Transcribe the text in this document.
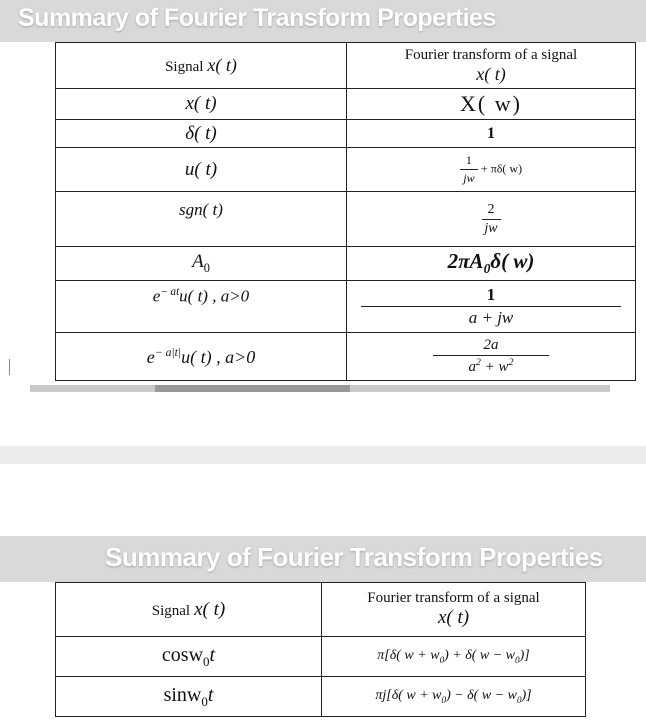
Summary of Fourier Transform Properties
Signal x( t)	Fourier transform of a signal
x( t)

x( t)	X( w)
δ( t)	1
u( t)	$\frac{1}{jw} + \pi\delta$( w)
sgn( t)	$\frac{2}{jw}$

$A_0$	$2\pi A_0\delta$( w)
$e^{- at}u$( t) , a>0	$\frac{1}{a + jw}$

$e^{- a|t|}u$( t) , a>0	$\frac{2a}{a^2 + w^2}$
Summary of Fourier Transform Properties
Signal x( t)	Fourier transform of a signal
x( t)

cosw$_0$t	π[δ( $w + w_0) + \delta$( $w - w_0$)]
sinw$_0$t	πj[δ( $w + w_0) - \delta$( $w - w_0$)]
